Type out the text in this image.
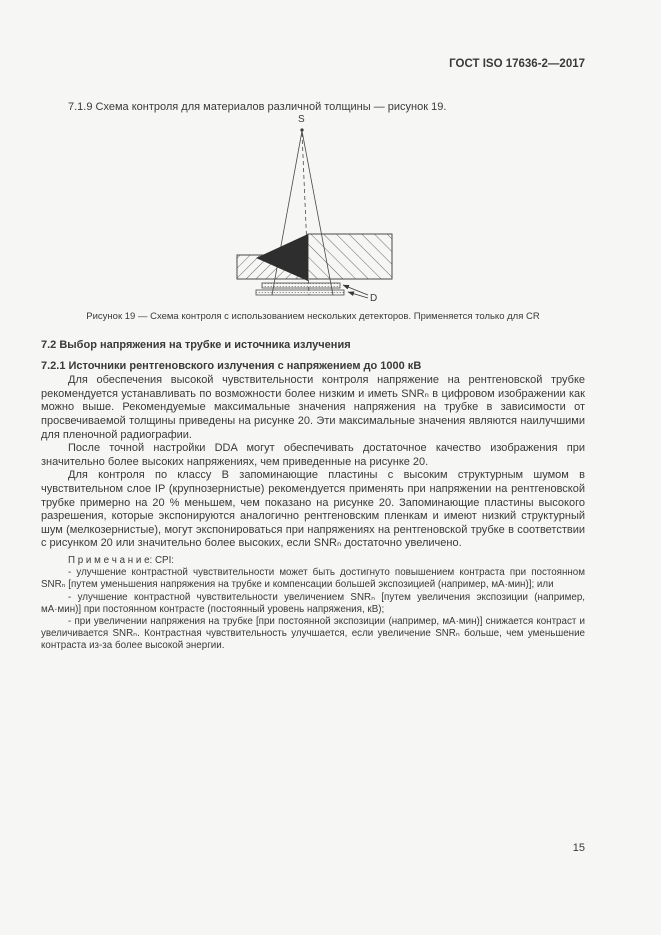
ГОСТ ISO 17636-2—2017

7.1.9 Схема контроля для материалов различной толщины — рисунок 19.

S
D

Рисунок 19 — Схема контроля с использованием нескольких детекторов. Применяется только для CR

7.2 Выбор напряжения на трубке и источника излучения

7.2.1 Источники рентгеновского излучения с напряжением до 1000 кВ

Для обеспечения высокой чувствительности контроля напряжение на рентгеновской трубке рекомендуется устанавливать по возможности более низким и иметь SNRₙ в цифровом изображении как можно выше. Рекомендуемые максимальные значения напряжения на трубке в зависимости от просвечиваемой толщины приведены на рисунке 20. Эти максимальные значения являются наилучшими для пленочной радиографии.

После точной настройки DDA могут обеспечивать достаточное качество изображения при значительно более высоких напряжениях, чем приведенные на рисунке 20.

Для контроля по классу B запоминающие пластины с высоким структурным шумом в чувствительном слое IP (крупнозернистые) рекомендуется применять при напряжении на рентгеновской трубке примерно на 20 % меньшем, чем показано на рисунке 20. Запоминающие пластины высокого разрешения, которые экспонируются аналогично рентгеновским пленкам и имеют низкий структурный шум (мелкозернистые), могут экспонироваться при напряжениях на рентгеновской трубке в соответствии с рисунком 20 или значительно более высоких, если SNRₙ достаточно увеличено.

П р и м е ч а н и е: CPI:

- улучшение контрастной чувствительности может быть достигнуто повышением контраста при постоянном SNRₙ [путем уменьшения напряжения на трубке и компенсации большей экспозицией (например, мА·мин)]; или

- улучшение контрастной чувствительности увеличением SNRₙ [путем увеличения экспозиции (например, мА·мин)] при постоянном контрасте (постоянный уровень напряжения, кВ);

- при увеличении напряжения на трубке [при постоянной экспозиции (например, мА·мин)] снижается контраст и увеличивается SNRₙ. Контрастная чувствительность улучшается, если увеличение SNRₙ больше, чем уменьшение контраста из-за более высокой энергии.

15
